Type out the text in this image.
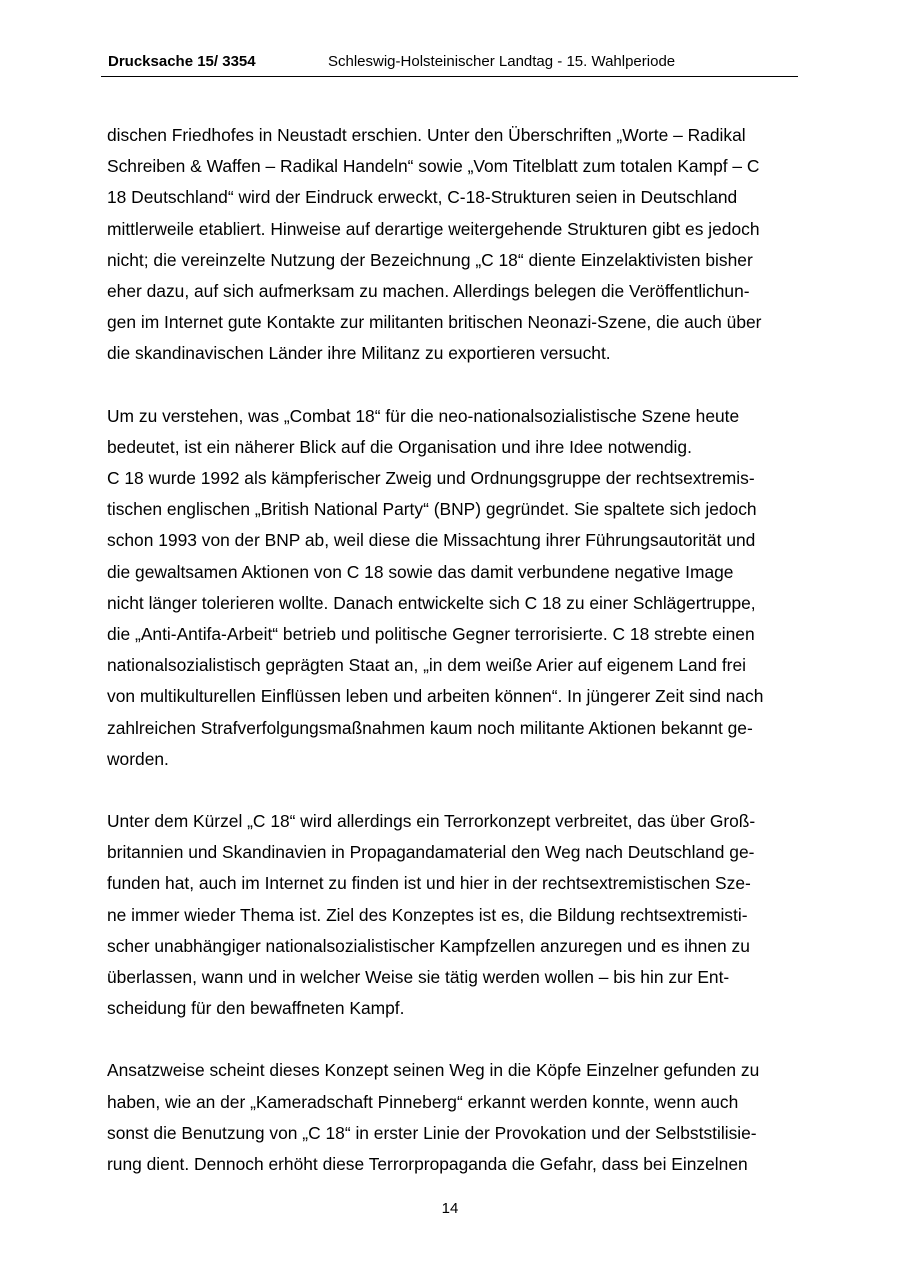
Drucksache 15/ 3354	Schleswig-Holsteinischer Landtag - 15. Wahlperiode

dischen Friedhofes in Neustadt erschien. Unter den Überschriften „Worte – Radikal
Schreiben & Waffen – Radikal Handeln“ sowie „Vom Titelblatt zum totalen Kampf – C
18 Deutschland“ wird der Eindruck erweckt, C-18-Strukturen seien in Deutschland
mittlerweile etabliert. Hinweise auf derartige weitergehende Strukturen gibt es jedoch
nicht; die vereinzelte Nutzung der Bezeichnung „C 18“ diente Einzelaktivisten bisher
eher dazu, auf sich aufmerksam zu machen. Allerdings belegen die Veröffentlichun-
gen im Internet gute Kontakte zur militanten britischen Neonazi-Szene, die auch über
die skandinavischen Länder ihre Militanz zu exportieren versucht.

Um zu verstehen, was „Combat 18“ für die neo-nationalsozialistische Szene heute
bedeutet, ist ein näherer Blick auf die Organisation und ihre Idee notwendig.
C 18 wurde 1992 als kämpferischer Zweig und Ordnungsgruppe der rechtsextremis-
tischen englischen „British National Party“ (BNP) gegründet. Sie spaltete sich jedoch
schon 1993 von der BNP ab, weil diese die Missachtung ihrer Führungsautorität und
die gewaltsamen Aktionen von C 18 sowie das damit verbundene negative Image
nicht länger tolerieren wollte. Danach entwickelte sich C 18 zu einer Schlägertruppe,
die „Anti-Antifa-Arbeit“ betrieb und politische Gegner terrorisierte. C 18 strebte einen
nationalsozialistisch geprägten Staat an, „in dem weiße Arier auf eigenem Land frei
von multikulturellen Einflüssen leben und arbeiten können“. In jüngerer Zeit sind nach
zahlreichen Strafverfolgungsmaßnahmen kaum noch militante Aktionen bekannt ge-
worden.

Unter dem Kürzel „C 18“ wird allerdings ein Terrorkonzept verbreitet, das über Groß-
britannien und Skandinavien in Propagandamaterial den Weg nach Deutschland ge-
funden hat, auch im Internet zu finden ist und hier in der rechtsextremistischen Sze-
ne immer wieder Thema ist. Ziel des Konzeptes ist es, die Bildung rechtsextremisti-
scher unabhängiger nationalsozialistischer Kampfzellen anzuregen und es ihnen zu
überlassen, wann und in welcher Weise sie tätig werden wollen – bis hin zur Ent-
scheidung für den bewaffneten Kampf.

Ansatzweise scheint dieses Konzept seinen Weg in die Köpfe Einzelner gefunden zu
haben, wie an der „Kameradschaft Pinneberg“ erkannt werden konnte, wenn auch
sonst die Benutzung von „C 18“ in erster Linie der Provokation und der Selbststilisie-
rung dient. Dennoch erhöht diese Terrorpropaganda die Gefahr, dass bei Einzelnen

14
